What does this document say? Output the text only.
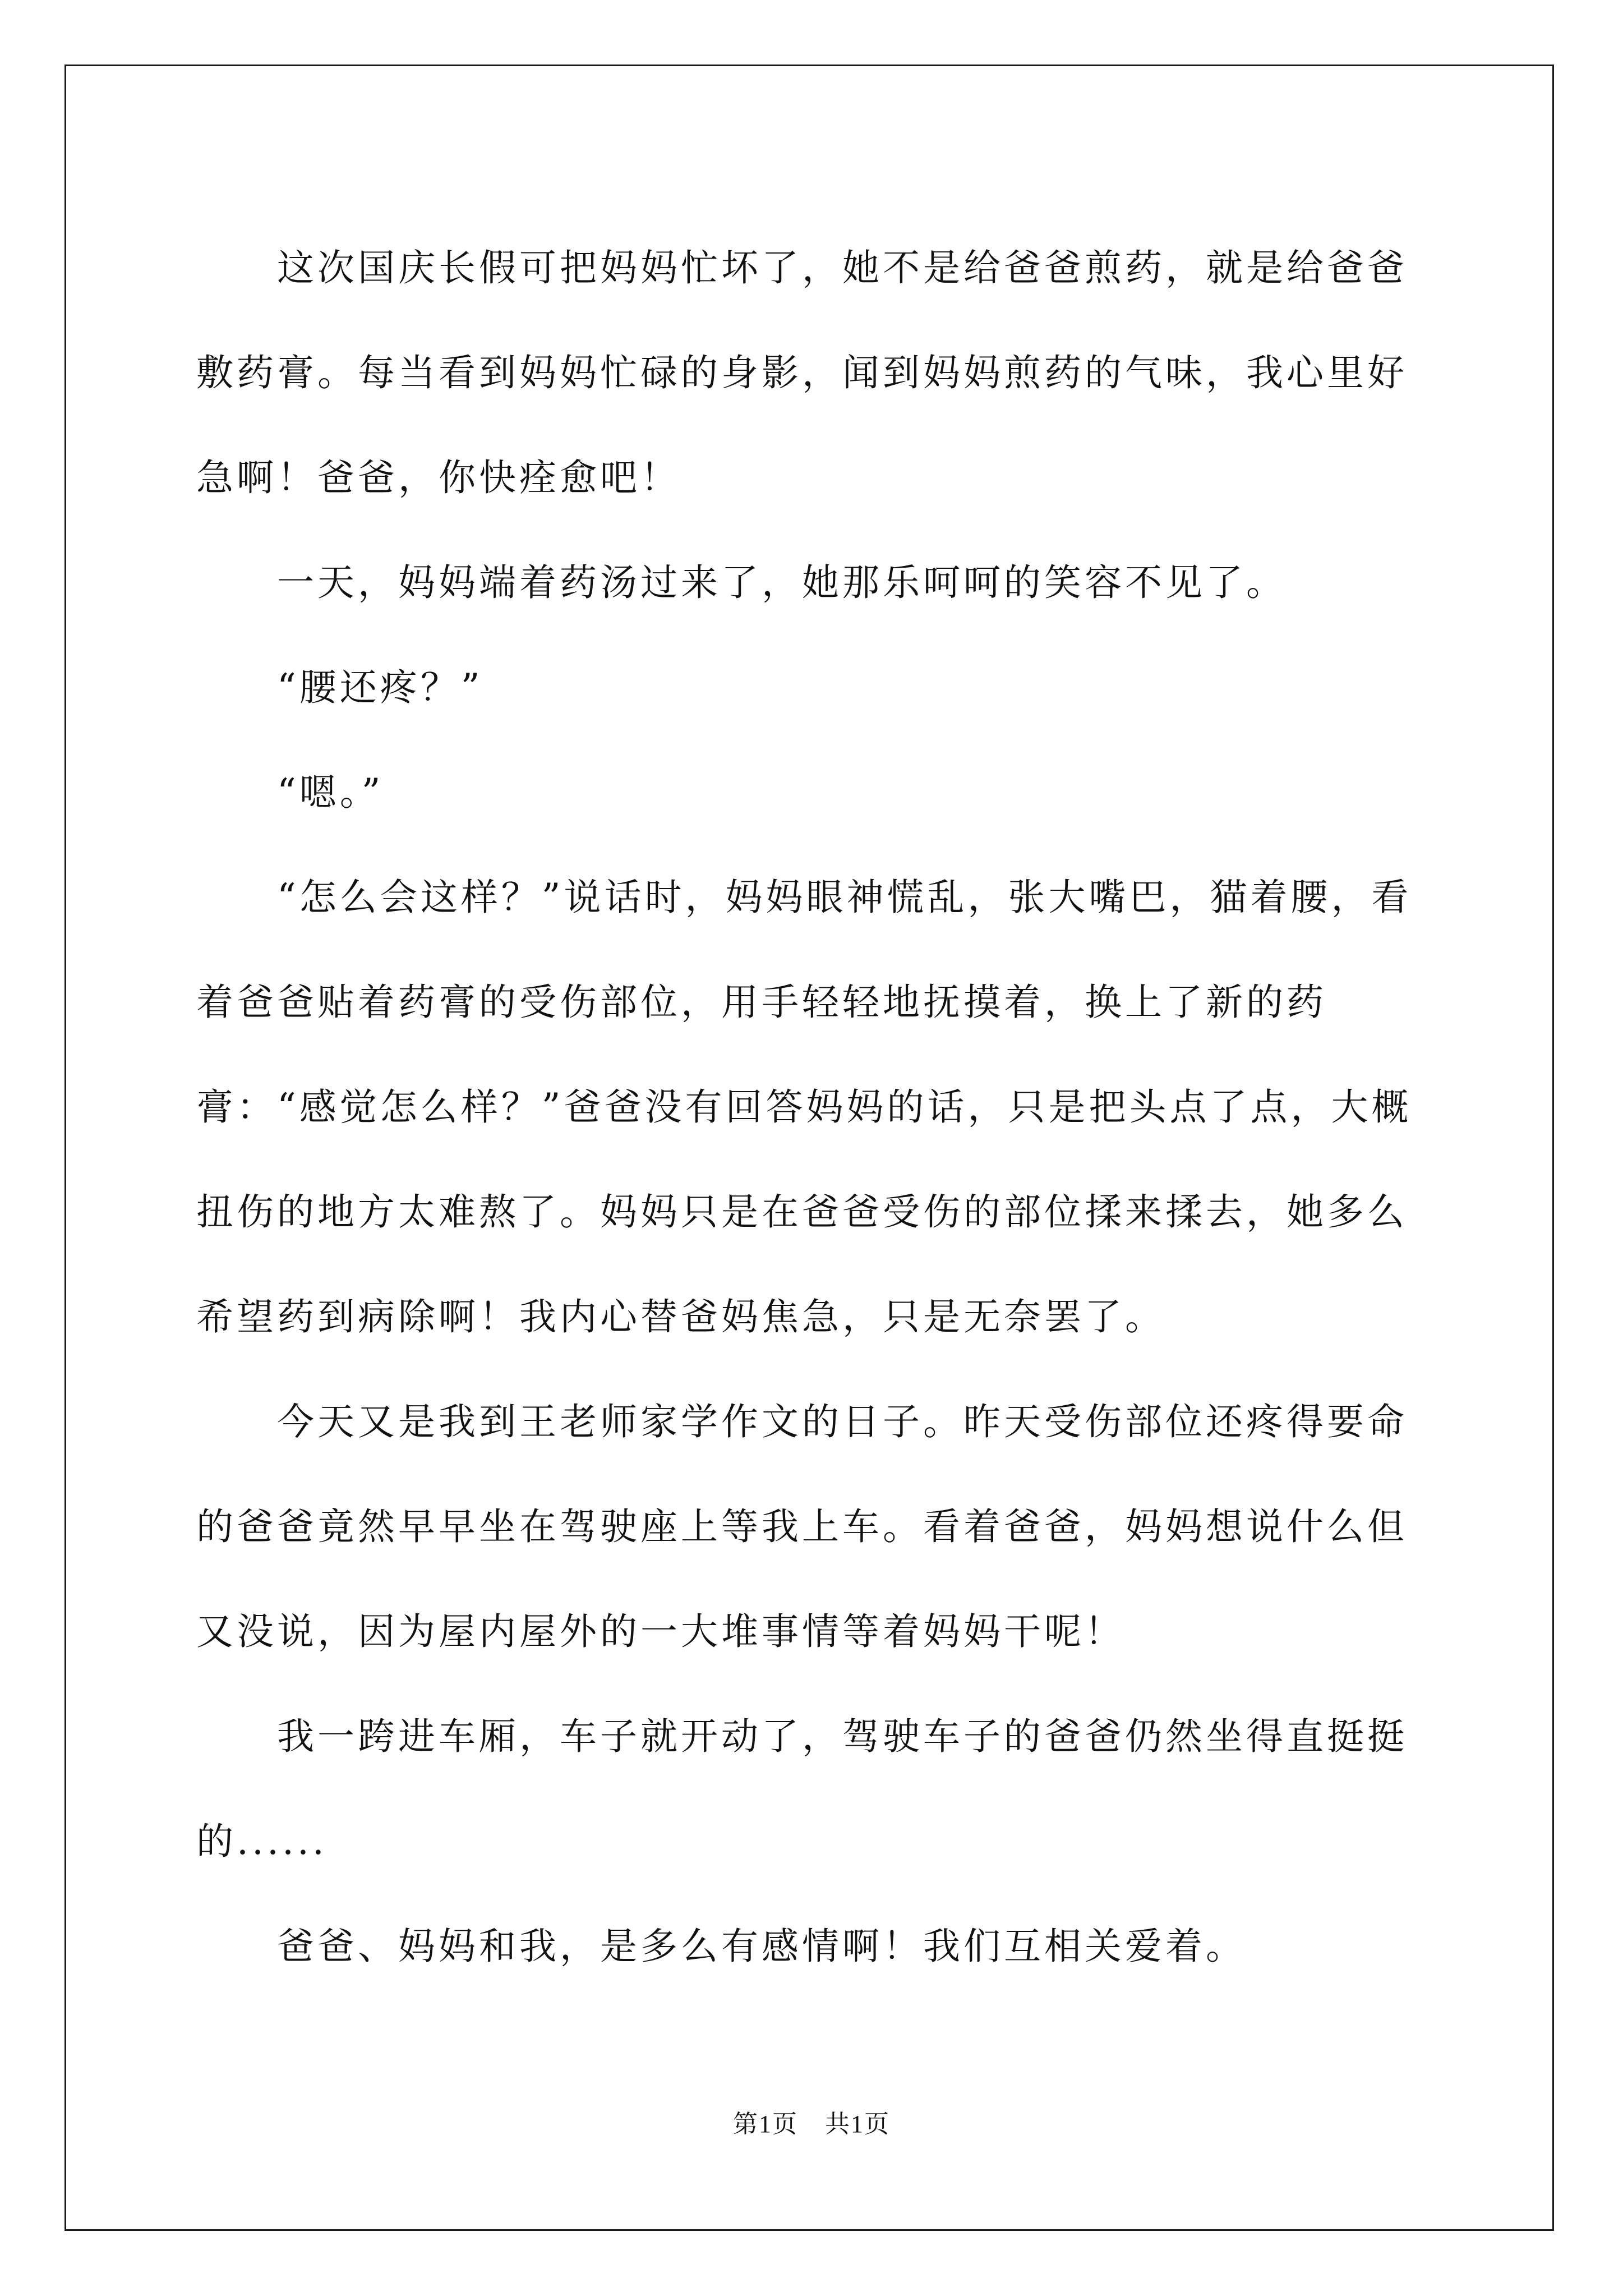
这次国庆长假可把妈妈忙坏了，她不是给爸爸煎药，就是给爸爸敷药膏。每当看到妈妈忙碌的身影，闻到妈妈煎药的气味，我心里好急啊！爸爸，你快痊愈吧！

一天，妈妈端着药汤过来了，她那乐呵呵的笑容不见了。

“腰还疼？”

“嗯。”

“怎么会这样？”说话时，妈妈眼神慌乱，张大嘴巴，猫着腰，看着爸爸贴着药膏的受伤部位，用手轻轻地抚摸着，换上了新的药膏：“感觉怎么样？”爸爸没有回答妈妈的话，只是把头点了点，大概扭伤的地方太难熬了。妈妈只是在爸爸受伤的部位揉来揉去，她多么希望药到病除啊！我内心替爸妈焦急，只是无奈罢了。

今天又是我到王老师家学作文的日子。昨天受伤部位还疼得要命的爸爸竟然早早坐在驾驶座上等我上车。看着爸爸，妈妈想说什么但又没说，因为屋内屋外的一大堆事情等着妈妈干呢！

我一跨进车厢，车子就开动了，驾驶车子的爸爸仍然坐得直挺挺的......

爸爸、妈妈和我，是多么有感情啊！我们互相关爱着。

第1页 共1页
